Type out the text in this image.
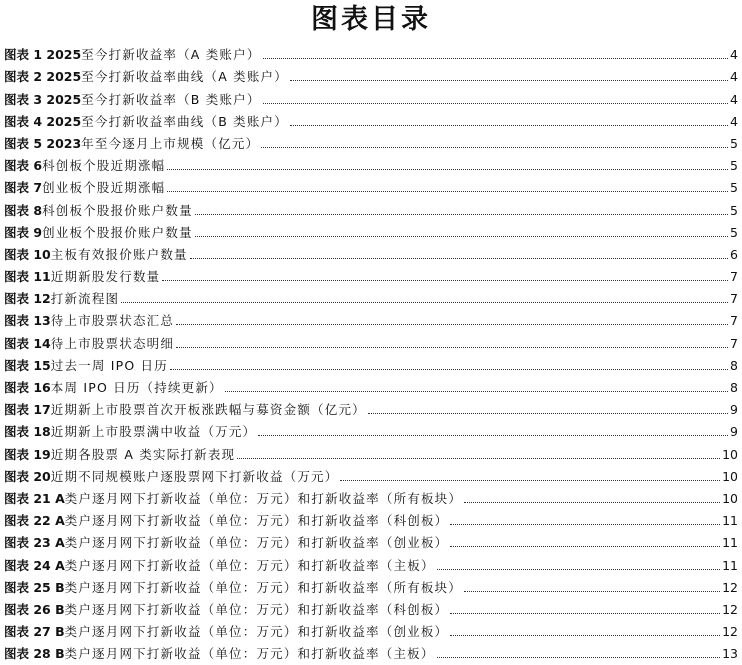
图表目录
图表 1 2025 至今打新收益率（A 类账户）	4
图表 2 2025 至今打新收益率曲线（A 类账户）	4
图表 3 2025 至今打新收益率（B 类账户）	4
图表 4 2025 至今打新收益率曲线（B 类账户）	4
图表 5 2023 年至今逐月上市规模（亿元）	5
图表 6 科创板个股近期涨幅	5
图表 7 创业板个股近期涨幅	5
图表 8 科创板个股报价账户数量	5
图表 9 创业板个股报价账户数量	5
图表 10 主板有效报价账户数量	6
图表 11 近期新股发行数量	7
图表 12 打新流程图	7
图表 13 待上市股票状态汇总	7
图表 14 待上市股票状态明细	7
图表 15 过去一周 IPO 日历	8
图表 16 本周 IPO 日历（持续更新）	8
图表 17 近期新上市股票首次开板涨跌幅与募资金额（亿元）	9
图表 18 近期新上市股票满中收益（万元）	9
图表 19 近期各股票 A 类实际打新表现	10
图表 20 近期不同规模账户逐股票网下打新收益（万元）	10
图表 21 A 类户逐月网下打新收益（单位：万元）和打新收益率（所有板块）	10
图表 22 A 类户逐月网下打新收益（单位：万元）和打新收益率（科创板）	11
图表 23 A 类户逐月网下打新收益（单位：万元）和打新收益率（创业板）	11
图表 24 A 类户逐月网下打新收益（单位：万元）和打新收益率（主板）	11
图表 25 B 类户逐月网下打新收益（单位：万元）和打新收益率（所有板块）	12
图表 26 B 类户逐月网下打新收益（单位：万元）和打新收益率（科创板）	12
图表 27 B 类户逐月网下打新收益（单位：万元）和打新收益率（创业板）	12
图表 28 B 类户逐月网下打新收益（单位：万元）和打新收益率（主板）	13
